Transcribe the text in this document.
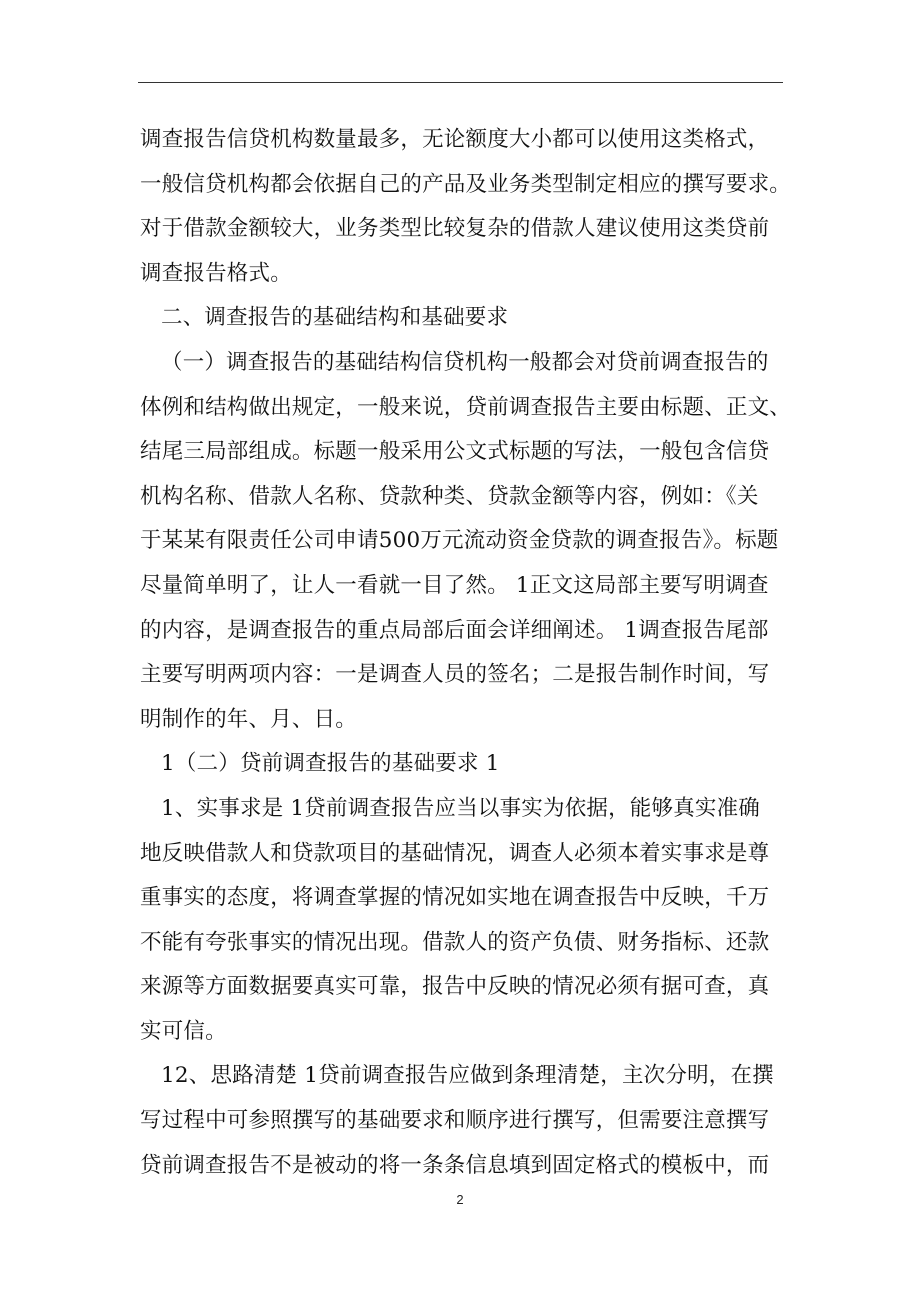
调查报告信贷机构数量最多，无论额度大小都可以使用这类格式，
一般信贷机构都会依据自己的产品及业务类型制定相应的撰写要求。
对于借款金额较大，业务类型比较复杂的借款人建议使用这类贷前
调查报告格式。
二、调查报告的基础结构和基础要求
（一）调查报告的基础结构信贷机构一般都会对贷前调查报告的
体例和结构做出规定，一般来说，贷前调查报告主要由标题、正文、
结尾三局部组成。标题一般采用公文式标题的写法，一般包含信贷
机构名称、借款人名称、贷款种类、贷款金额等内容，例如：《关
于某某有限责任公司申请500万元流动资金贷款的调查报告》。标题
尽量简单明了，让人一看就一目了然。 1正文这局部主要写明调查
的内容，是调查报告的重点局部后面会详细阐述。 1调查报告尾部
主要写明两项内容：一是调查人员的签名；二是报告制作时间，写
明制作的年、月、日。
1（二）贷前调查报告的基础要求 1
1、实事求是 1贷前调查报告应当以事实为依据，能够真实准确
地反映借款人和贷款项目的基础情况，调查人必须本着实事求是尊
重事实的态度，将调查掌握的情况如实地在调查报告中反映，千万
不能有夸张事实的情况出现。借款人的资产负债、财务指标、还款
来源等方面数据要真实可靠，报告中反映的情况必须有据可查，真
实可信。
12、思路清楚 1贷前调查报告应做到条理清楚，主次分明，在撰
写过程中可参照撰写的基础要求和顺序进行撰写，但需要注意撰写
贷前调查报告不是被动的将一条条信息填到固定格式的模板中，而
2
